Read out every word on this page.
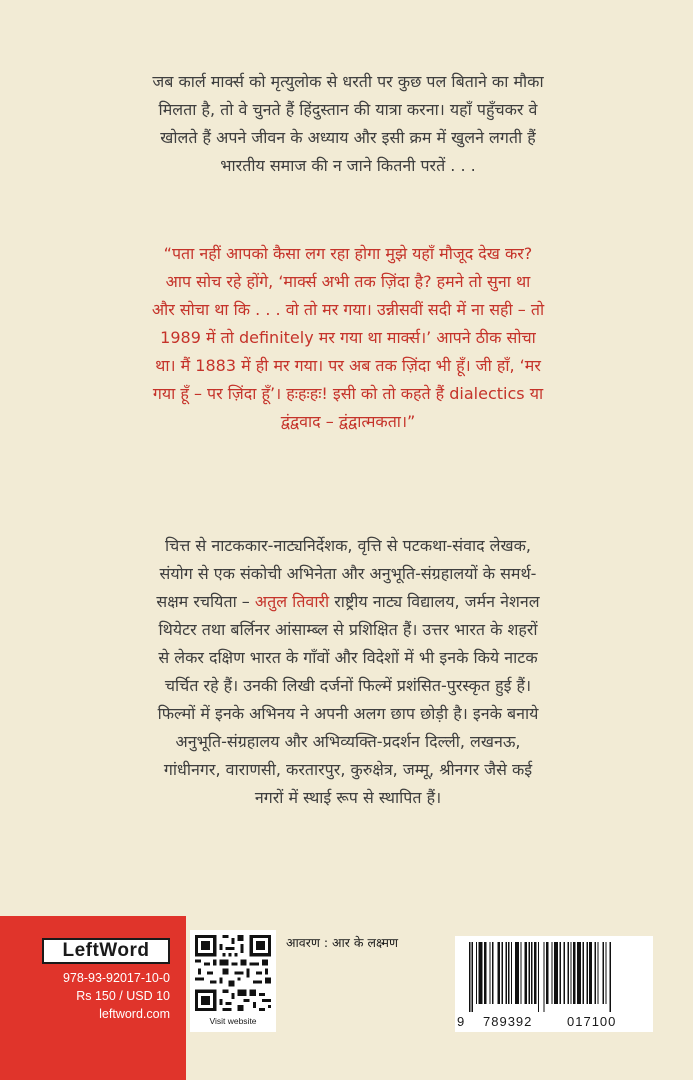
जब कार्ल मार्क्स को मृत्युलोक से धरती पर कुछ पल बिताने का मौका
मिलता है, तो वे चुनते हैं हिंदुस्तान की यात्रा करना। यहाँ पहुँचकर वे
खोलते हैं अपने जीवन के अध्याय और इसी क्रम में खुलने लगती हैं
भारतीय समाज की न जाने कितनी परतें . . .
“पता नहीं आपको कैसा लग रहा होगा मुझे यहाँ मौजूद देख कर?
आप सोच रहे होंगे, ‘मार्क्स अभी तक ज़िंदा है? हमने तो सुना था
और सोचा था कि . . . वो तो मर गया। उन्नीसवीं सदी में ना सही – तो
1989 में तो definitely मर गया था मार्क्स।’ आपने ठीक सोचा
था। मैं 1883 में ही मर गया। पर अब तक ज़िंदा भी हूँ। जी हाँ, ‘मर
गया हूँ – पर ज़िंदा हूँ’। हःहःहः! इसी को तो कहते हैं dialectics या
द्वंद्ववाद – द्वंद्वात्मकता।”
चित्त से नाटककार-नाट्यनिर्देशक, वृत्ति से पटकथा-संवाद लेखक,
संयोग से एक संकोची अभिनेता और अनुभूति-संग्रहालयों के समर्थ-
सक्षम रचयिता – अतुल तिवारी राष्ट्रीय नाट्य विद्यालय, जर्मन नेशनल
थियेटर तथा बर्लिनर आंसाम्ब्ल से प्रशिक्षित हैं। उत्तर भारत के शहरों
से लेकर दक्षिण भारत के गाँवों और विदेशों में भी इनके किये नाटक
चर्चित रहे हैं। उनकी लिखी दर्जनों फिल्में प्रशंसित-पुरस्कृत हुई हैं।
फिल्मों में इनके अभिनय ने अपनी अलग छाप छोड़ी है। इनके बनाये
अनुभूति-संग्रहालय और अभिव्यक्ति-प्रदर्शन दिल्ली, लखनऊ,
गांधीनगर, वाराणसी, करतारपुर, कुरुक्षेत्र, जम्मू, श्रीनगर जैसे कई
नगरों में स्थाई रूप से स्थापित हैं।
LeftWord
978-93-92017-10-0
Rs 150 / USD 10
leftword.com	Visit website
आवरण : आर के लक्ष्मण
9 789392	017100
